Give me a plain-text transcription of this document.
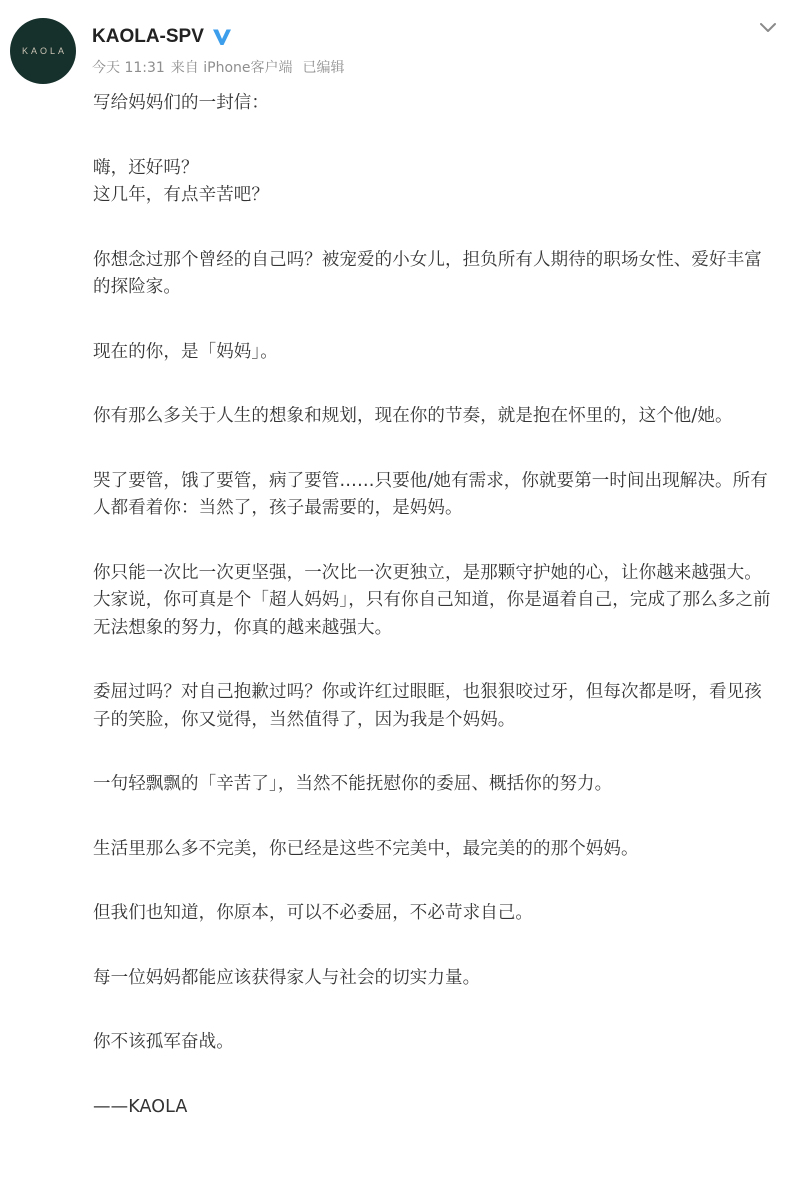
KAOLA
KAOLA-SPV
今天 11:31 来自 iPhone客户端 已编辑

写给妈妈们的一封信：

嗨，还好吗？

这几年，有点辛苦吧？

你想念过那个曾经的自己吗？被宠爱的小女儿，担负所有人期待的职场女性、爱好丰富的探险家。

现在的你，是「妈妈」。

你有那么多关于人生的想象和规划，现在你的节奏，就是抱在怀里的，这个他/她。

哭了要管，饿了要管，病了要管……只要他/她有需求，你就要第一时间出现解决。所有人都看着你：当然了，孩子最需要的，是妈妈。

你只能一次比一次更坚强，一次比一次更独立，是那颗守护她的心，让你越来越强大。

大家说，你可真是个「超人妈妈」，只有你自己知道，你是逼着自己，完成了那么多之前无法想象的努力，你真的越来越强大。

委屈过吗？对自己抱歉过吗？你或许红过眼眶，也狠狠咬过牙，但每次都是呀，看见孩子的笑脸，你又觉得，当然值得了，因为我是个妈妈。

一句轻飘飘的「辛苦了」，当然不能抚慰你的委屈、概括你的努力。

生活里那么多不完美，你已经是这些不完美中，最完美的的那个妈妈。

但我们也知道，你原本，可以不必委屈，不必苛求自己。

每一位妈妈都能应该获得家人与社会的切实力量。

你不该孤军奋战。

——KAOLA
